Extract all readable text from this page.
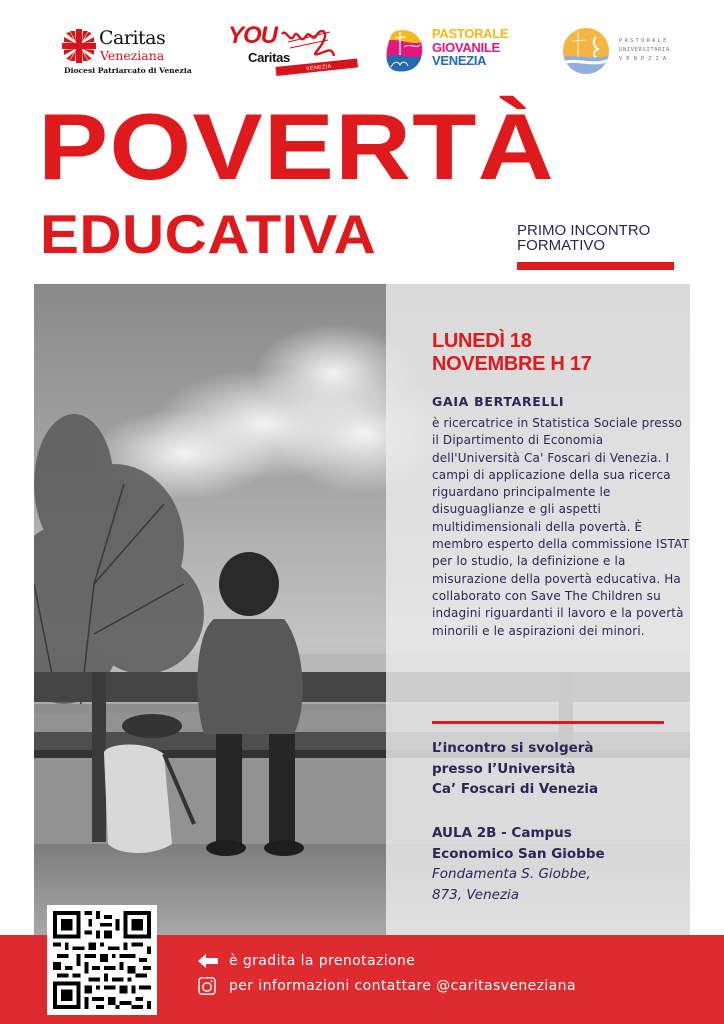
Caritas
Veneziana
Diocesi Patriarcato di Venezia
YOU
Caritas
VENEZIA
PASTORALE
GIOVANILE
VENEZIA
PASTORALE
UNIVERSITARIA
VENEZIA
POVERTÀ
EDUCATIVA	PRIMO INCONTRO
FORMATIVO
LUNEDÌ 18
NOVEMBRE H 17
GAIA BERTARELLI

è ricercatrice in Statistica Sociale presso il Dipartimento di Economia dell'Università Ca' Foscari di Venezia. I campi di applicazione della sua ricerca riguardano principalmente le disuguaglianze e gli aspetti multidimensionali della povertà. È membro esperto della commissione ISTAT per lo studio, la definizione e la misurazione della povertà educativa. Ha collaborato con Save The Children su indagini riguardanti il lavoro e la povertà minorili e le aspirazioni dei minori.

L’incontro si svolgerà
presso l’Università
Ca’ Foscari di Venezia
AULA 2B - Campus
Economico San Giobbe
Fondamenta S. Giobbe,
873, Venezia
è gradita la prenotazione
per informazioni contattare @caritasveneziana
